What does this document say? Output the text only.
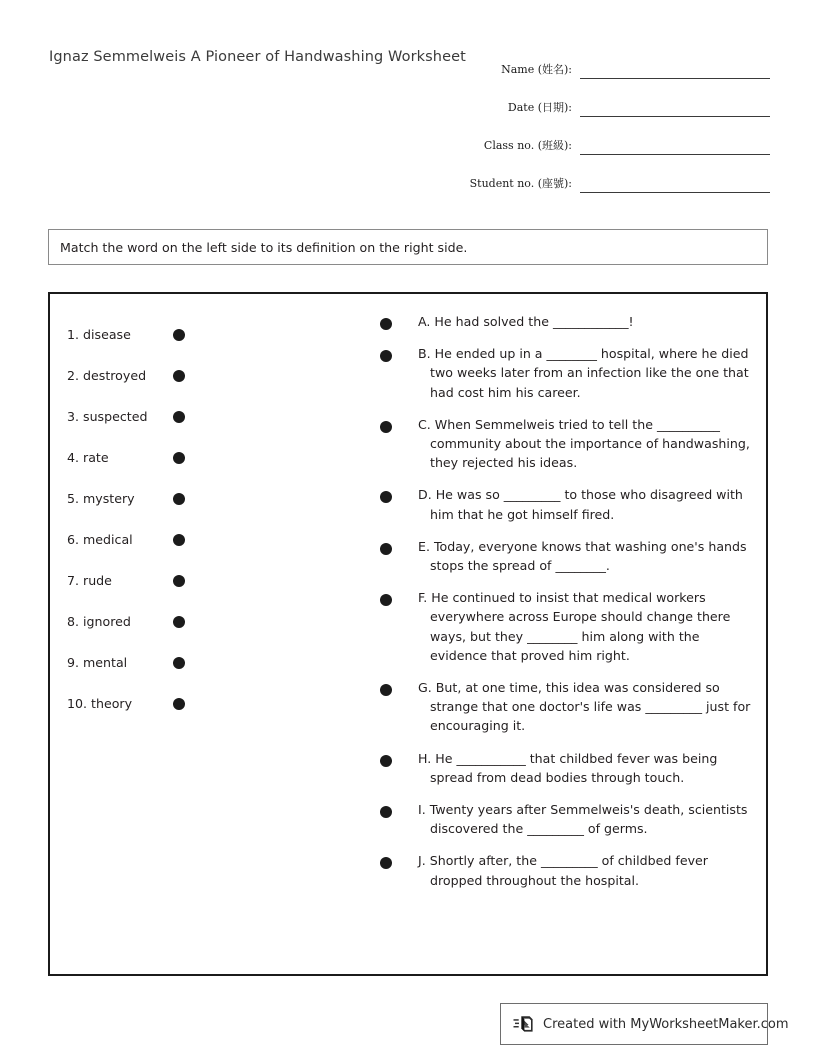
Ignaz Semmelweis A Pioneer of Handwashing Worksheet
Name (姓名):
Date (日期):
Class no. (班級):
Student no. (座號):
Match the word on the left side to its definition on the right side.
1. disease
2. destroyed
3. suspected
4. rate
5. mystery
6. medical
7. rude
8. ignored
9. mental
10. theory
A. He had solved the ____________!
B. He ended up in a ________ hospital, where he died two weeks later from an infection like the one that had cost him his career.
C. When Semmelweis tried to tell the __________ community about the importance of handwashing, they rejected his ideas.
D. He was so _________ to those who disagreed with him that he got himself fired.
E. Today, everyone knows that washing one's hands stops the spread of ________.
F. He continued to insist that medical workers everywhere across Europe should change there ways, but they ________ him along with the evidence that proved him right.
G. But, at one time, this idea was considered so strange that one doctor's life was _________ just for encouraging it.
H. He ___________ that childbed fever was being spread from dead bodies through touch.
I. Twenty years after Semmelweis's death, scientists discovered the _________ of germs.
J. Shortly after, the _________ of childbed fever dropped throughout the hospital.
Created with MyWorksheetMaker.com
